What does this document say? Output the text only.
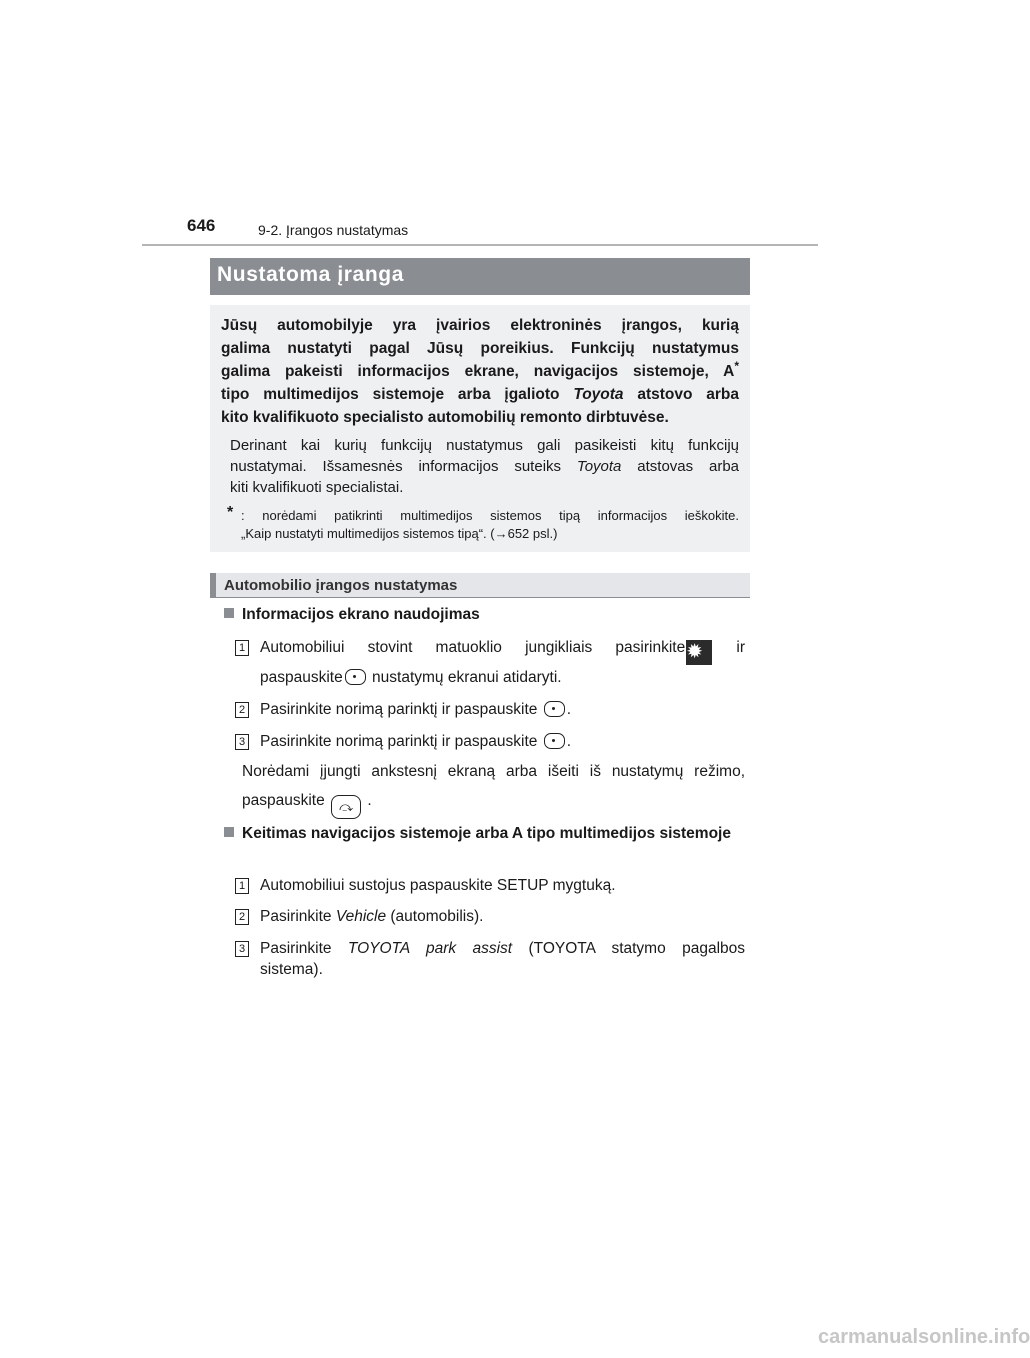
646	9-2. Įrangos nustatymas
Nustatoma įranga
Jūsų automobilyje yra įvairios elektroninės įrangos, kurią
galima nustatyti pagal Jūsų poreikius. Funkcijų nustatymus
galima pakeisti informacijos ekrane, navigacijos sistemoje, A*
tipo multimedijos sistemoje arba įgalioto Toyota atstovo arba
kito kvalifikuoto specialisto automobilių remonto dirbtuvėse.
Derinant kai kurių funkcijų nustatymus gali pasikeisti kitų funkcijų
nustatymai. Išsamesnės informacijos suteiks Toyota atstovas arba
kiti kvalifikuoti specialistai.
* : norėdami patikrinti multimedijos sistemos tipą informacijos ieškokite.
„Kaip nustatyti multimedijos sistemos tipą“. (→652 psl.)
Automobilio įrangos nustatymas
Informacijos ekrano naudojimas
1 Automobiliui stovint matuoklio jungikliais pasirinkite✹ ir
paspauskite nustatymų ekranui atidaryti.
2 Pasirinkite norimą parinktį ir paspauskite .
3 Pasirinkite norimą parinktį ir paspauskite .
Norėdami įjungti ankstesnį ekraną arba išeiti iš nustatymų režimo,
paspauskite ⤼ .
Keitimas navigacijos sistemoje arba A tipo multimedijos sistemoje
1 Automobiliui sustojus paspauskite SETUP mygtuką.
2 Pasirinkite Vehicle (automobilis).
3 Pasirinkite TOYOTA park assist (TOYOTA statymo pagalbos
sistema).
carmanualsonline.info
